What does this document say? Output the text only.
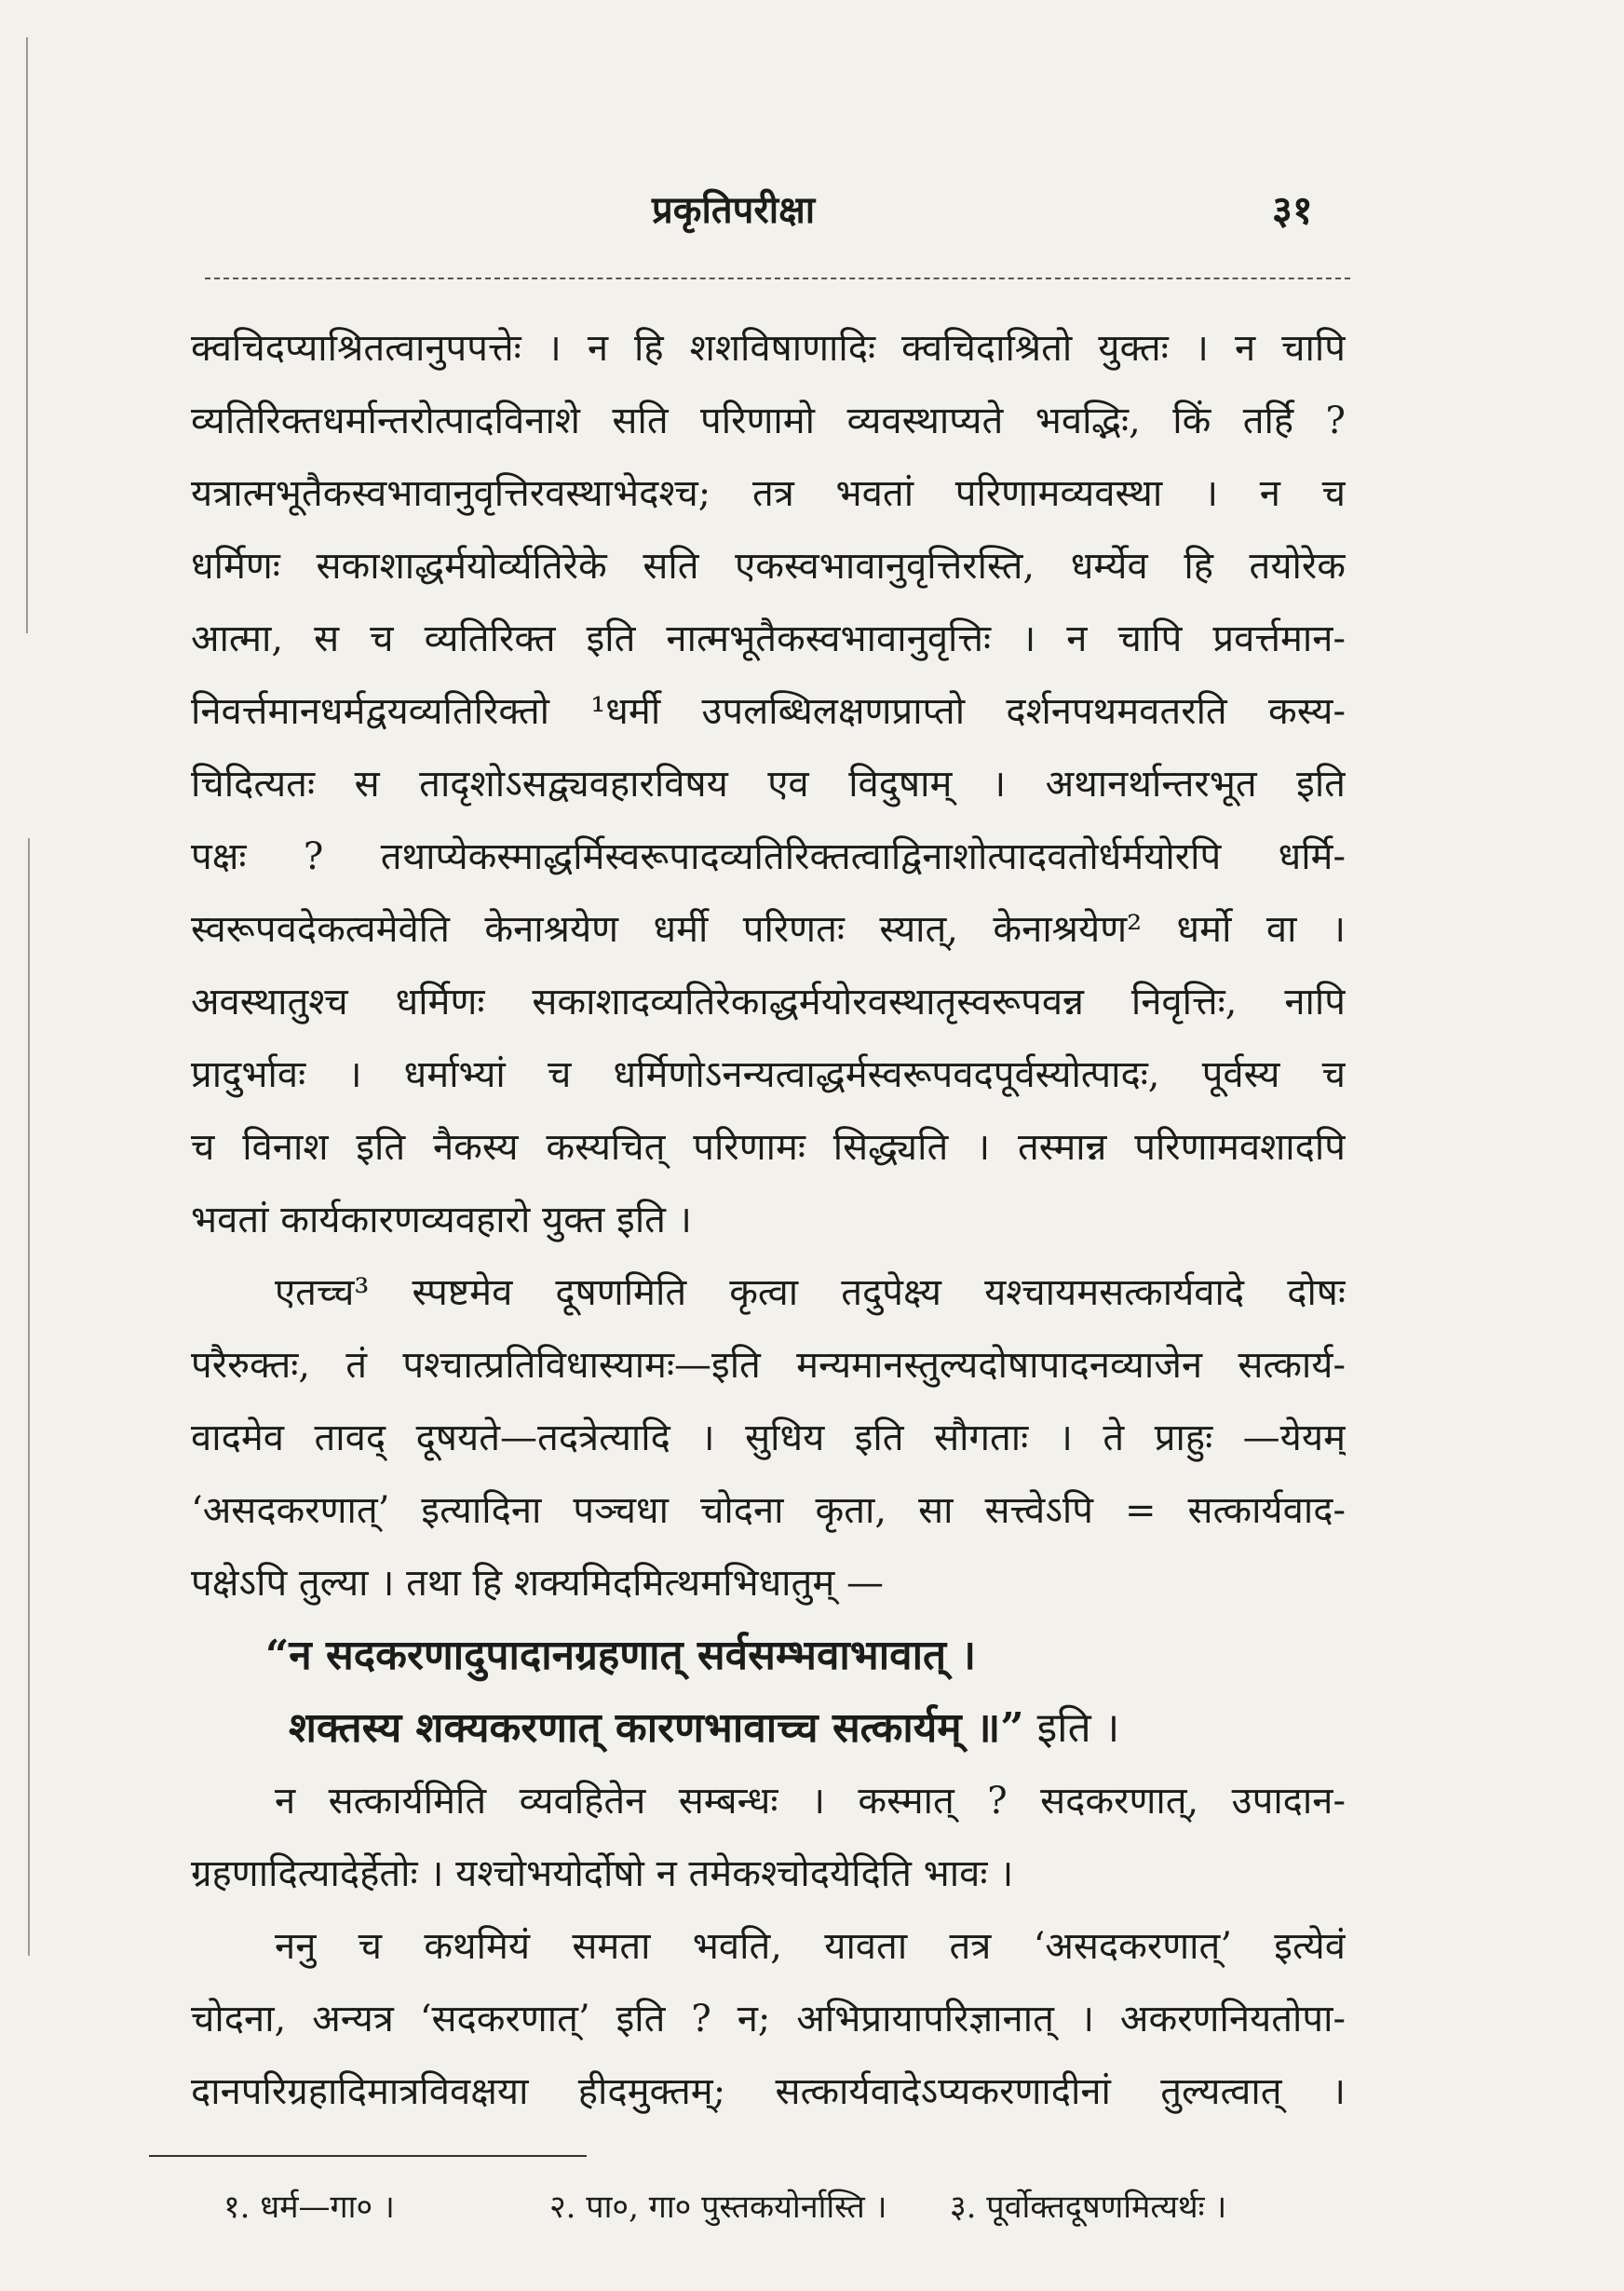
प्रकृतिपरीक्षा	३१
क्वचिदप्याश्रितत्वानुपपत्तेः । न हि शशविषाणादिः क्वचिदाश्रितो युक्तः । न चापि
व्यतिरिक्तधर्मान्तरोत्पादविनाशे सति परिणामो व्यवस्थाप्यते भवद्भिः, किं तर्हि ?
यत्रात्मभूतैकस्वभावानुवृत्तिरवस्थाभेदश्च; तत्र भवतां परिणामव्यवस्था । न च
धर्मिणः सकाशाद्धर्मयोर्व्यतिरेके सति एकस्वभावानुवृत्तिरस्ति, धर्म्येव हि तयोरेक
आत्मा, स च व्यतिरिक्त इति नात्मभूतैकस्वभावानुवृत्तिः । न चापि प्रवर्त्तमान-
निवर्त्तमानधर्मद्वयव्यतिरिक्तो ¹धर्मी उपलब्धिलक्षणप्राप्तो दर्शनपथमवतरति कस्य-
चिदित्यतः स तादृशोऽसद्व्यवहारविषय एव विदुषाम् । अथानर्थान्तरभूत इति
पक्षः ? तथाप्येकस्माद्धर्मिस्वरूपादव्यतिरिक्तत्वाद्विनाशोत्पादवतोर्धर्मयोरपि धर्मि-
स्वरूपवदेकत्वमेवेति केनाश्रयेण धर्मी परिणतः स्यात्, केनाश्रयेण² धर्मो वा ।
अवस्थातुश्च धर्मिणः सकाशादव्यतिरेकाद्धर्मयोरवस्थातृस्वरूपवन्न निवृत्तिः, नापि
प्रादुर्भावः । धर्माभ्यां च धर्मिणोऽनन्यत्वाद्धर्मस्वरूपवदपूर्वस्योत्पादः, पूर्वस्य च
च विनाश इति नैकस्य कस्यचित् परिणामः सिद्ध्यति । तस्मान्न परिणामवशादपि
भवतां कार्यकारणव्यवहारो युक्त इति ।
एतच्च³ स्पष्टमेव दूषणमिति कृत्वा तदुपेक्ष्य यश्चायमसत्कार्यवादे दोषः
परैरुक्तः, तं पश्चात्प्रतिविधास्यामः—इति मन्यमानस्तुल्यदोषापादनव्याजेन सत्कार्य-
वादमेव तावद् दूषयते—तदत्रेत्यादि । सुधिय इति सौगताः । ते प्राहुः —येयम्
‘असदकरणात्’ इत्यादिना पञ्चधा चोदना कृता, सा सत्त्वेऽपि = सत्कार्यवाद-
पक्षेऽपि तुल्या । तथा हि शक्यमिदमित्थमभिधातुम् —
“न सदकरणादुपादानग्रहणात् सर्वसम्भवाभावात् ।
शक्तस्य शक्यकरणात् कारणभावाच्च सत्कार्यम् ॥” इति ।
न सत्कार्यमिति व्यवहितेन सम्बन्धः । कस्मात् ? सदकरणात्, उपादान-
ग्रहणादित्यादेर्हेतोः । यश्चोभयोर्दोषो न तमेकश्चोदयेदिति भावः ।
ननु च कथमियं समता भवति, यावता तत्र ‘असदकरणात्’ इत्येवं
चोदना, अन्यत्र ‘सदकरणात्’ इति ? न; अभिप्रायापरिज्ञानात् । अकरणनियतोपा-
दानपरिग्रहादिमात्रविवक्षया हीदमुक्तम्; सत्कार्यवादेऽप्यकरणादीनां तुल्यत्वात् ।
१. धर्म—गा० ।	२. पा०, गा० पुस्तकयोर्नास्ति । ३. पूर्वोक्तदूषणमित्यर्थः ।
